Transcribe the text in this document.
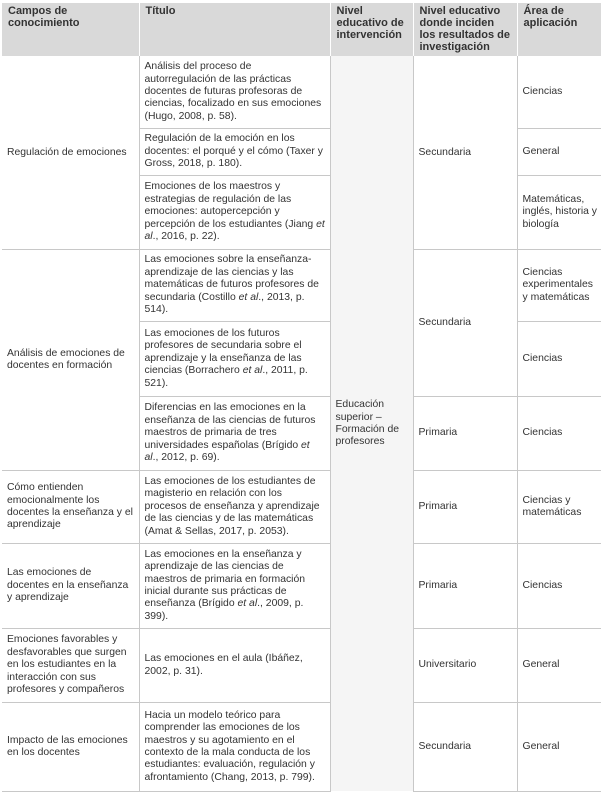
Campos de conocimiento	Título	Nivel educativo de intervención	Nivel educativo donde inciden los resultados de investigación	Área de aplicación
Regulación de emociones	Análisis del proceso de autorregulación de las prácticas docentes de futuras profesoras de ciencias, focalizado en sus emociones (Hugo, 2008, p. 58).	Educación superior – Formación de profesores	Secundaria	Ciencias
	Regulación de la emoción en los docentes: el porqué y el cómo (Taxer y Gross, 2018, p. 180).			General
	Emociones de los maestros y estrategias de regulación de las emociones: autopercepción y percepción de los estudiantes (Jiang et al., 2016, p. 22).			Matemáticas, inglés, historia y biología
Análisis de emociones de docentes en formación	Las emociones sobre la enseñanza-aprendizaje de las ciencias y las matemáticas de futuros profesores de secundaria (Costillo et al., 2013, p. 514).		Secundaria	Ciencias experimentales y matemáticas
	Las emociones de los futuros profesores de secundaria sobre el aprendizaje y la enseñanza de las ciencias (Borrachero et al., 2011, p. 521).			Ciencias
	Diferencias en las emociones en la enseñanza de las ciencias de futuros maestros de primaria de tres universidades españolas (Brígido et al., 2012, p. 69).		Primaria	Ciencias
Cómo entienden emocionalmente los docentes la enseñanza y el aprendizaje	Las emociones de los estudiantes de magisterio en relación con los procesos de enseñanza y aprendizaje de las ciencias y de las matemáticas (Amat & Sellas, 2017, p. 2053).		Primaria	Ciencias y matemáticas
Las emociones de docentes en la enseñanza y aprendizaje	Las emociones en la enseñanza y aprendizaje de las ciencias de maestros de primaria en formación inicial durante sus prácticas de enseñanza (Brígido et al., 2009, p. 399).		Primaria	Ciencias
Emociones favorables y desfavorables que surgen en los estudiantes en la interacción con sus profesores y compañeros	Las emociones en el aula (Ibáñez, 2002, p. 31).		Universitario	General
Impacto de las emociones en los docentes	Hacia un modelo teórico para comprender las emociones de los maestros y su agotamiento en el contexto de la mala conducta de los estudiantes: evaluación, regulación y afrontamiento (Chang, 2013, p. 799).		Secundaria	General
